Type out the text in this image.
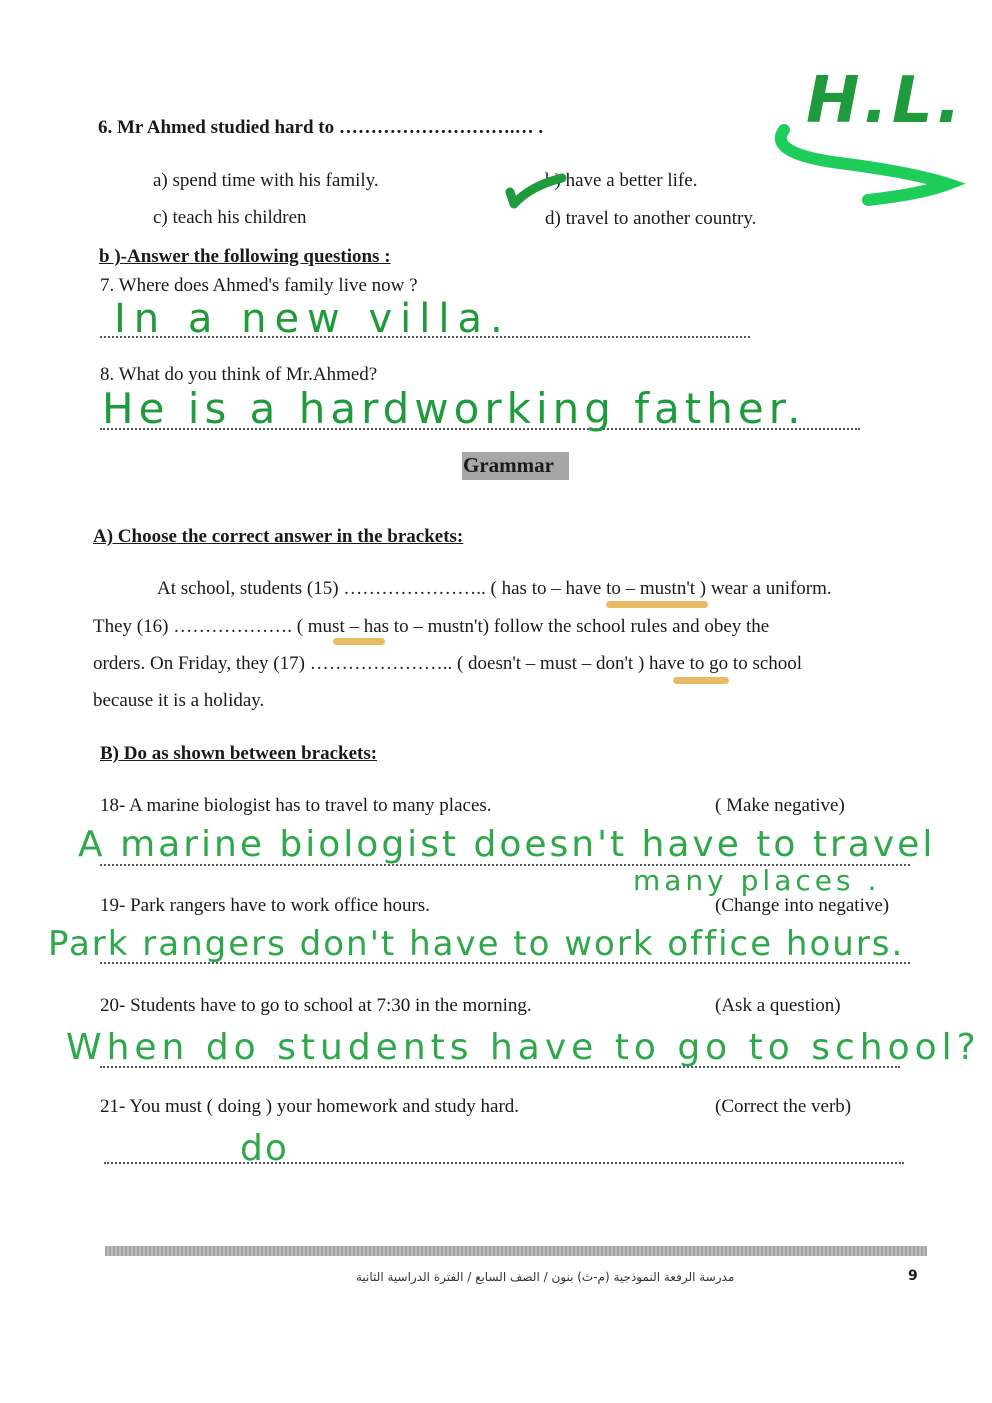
6. Mr Ahmed studied hard to ……………………….… .
a) spend time with his family.	b) have a better life.
c) teach his children	d) travel to another country.
H.L.
b )-Answer the following questions :
7. Where does Ahmed's family live now ?
In a new villa.
8. What do you think of Mr.Ahmed?
He is a hardworking father.
Grammar
A) Choose the correct answer in the brackets:
At school, students (15) ………………….. ( has to – have to – mustn't ) wear a uniform.
They (16) ………………. ( must – has to – mustn't) follow the school rules and obey the
orders. On Friday, they (17) ………………….. ( doesn't – must – don't ) have to go to school
because it is a holiday.
B) Do as shown between brackets:
18- A marine biologist has to travel to many places.	( Make negative)
A marine biologist doesn't have to travel
many places .
19- Park rangers have to work office hours.	(Change into negative)
Park rangers don't have to work office hours.
20- Students have to go to school at 7:30 in the morning.	(Ask a question)
When do students have to go to school?
21- You must ( doing ) your homework and study hard.	(Correct the verb)
do
مدرسة الرفعة النموذجية (م-ث) بنون / الصف السابع / الفترة الدراسية الثانية	9
